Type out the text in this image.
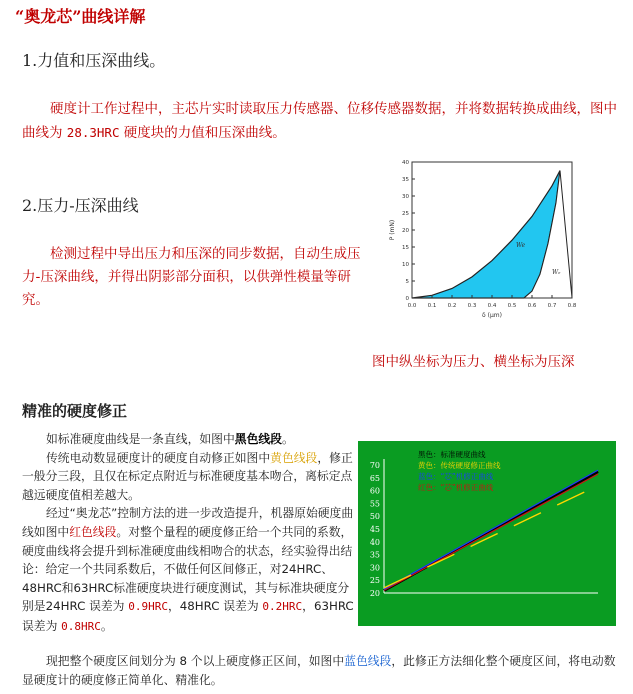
“奥龙芯”曲线详解
1.力值和压深曲线。
硬度计工作过程中，主芯片实时读取压力传感器、位移传感器数据，并将数据转换成曲线，图中曲线为 28.3HRC 硬度块的力值和压深曲线。
2.压力-压深曲线
检测过程中导出压力和压深的同步数据，自动生成压力-压深曲线，并得出阴影部分面积，以供弹性模量等研究。	0.0 0.1 0.2 0.3 0.4 0.5 0.6 0.7 0.8
0
5
10
15
20
25
30
35
40
δ (μm)
P (mN)
We
Wₑ
图中纵坐标为压力、横坐标为压深
精准的硬度修正

如标准硬度曲线是一条直线，如图中黑色线段。

传统电动数显硬度计的硬度自动修正如图中黄色线段，修正一般分三段，且仅在标定点附近与标准硬度基本吻合，离标定点越远硬度值相差越大。

经过“奥龙芯”控制方法的进一步改造提升，机器原始硬度曲线如图中红色线段。对整个量程的硬度修正给一个共同的系数，硬度曲线将会提升到标准硬度曲线相吻合的状态，经实验得出结论：给定一个共同系数后，不做任何区间修正，对24HRC、48HRC和63HRC标准硬度块进行硬度测试，其与标准块硬度分别是24HRC 误差为 0.9HRC，48HRC 误差为 0.2HRC，63HRC 误差为 0.8HRC。

20
25
30
35
40
45
50
55
60
65
70
黑色：标准硬度曲线
黄色：传统硬度修正曲线
蓝色：“芯”机修正曲线
红色：“芯”机修正曲线

现把整个硬度区间划分为 8 个以上硬度修正区间，如图中蓝色线段，此修正方法细化整个硬度区间，将电动数显硬度计的硬度修正简单化、精准化。
